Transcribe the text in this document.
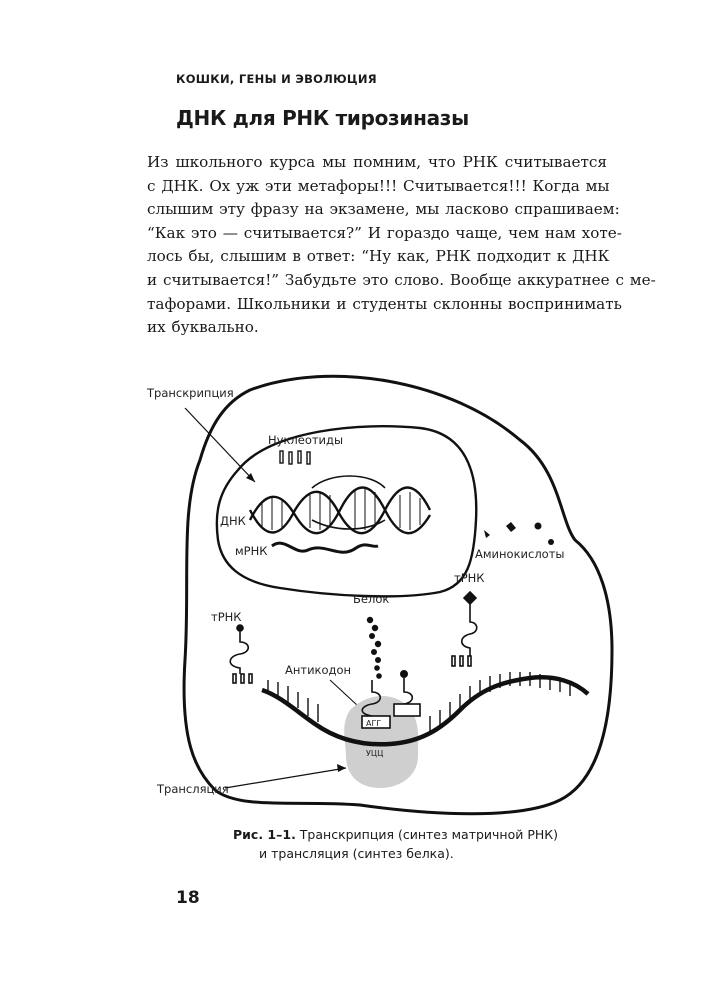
КОШКИ, ГЕНЫ И ЭВОЛЮЦИЯ
ДНК для РНК тирозиназы
Из школьного курса мы помним, что РНК считывается
с ДНК. Ох уж эти метафоры!!! Считывается!!! Когда мы
слышим эту фразу на экзамене, мы ласково спрашиваем:
“Как это — считывается?” И гораздо чаще, чем нам хоте-
лось бы, слышим в ответ: “Ну как, РНК подходит к ДНК
и считывается!” Забудьте это слово. Вообще аккуратнее с ме-
тафорами. Школьники и студенты склонны воспринимать
их буквально.
Транскрипция
Нуклеотиды
ДНК
мРНК	Аминокислоты
тРНК
Белок
тРНК
Антикодон
АГГ
УЦЦ
Трансляция
Рис. 1–1. Транскрипция (синтез матричной РНК)
и трансляция (синтез белка).
18
